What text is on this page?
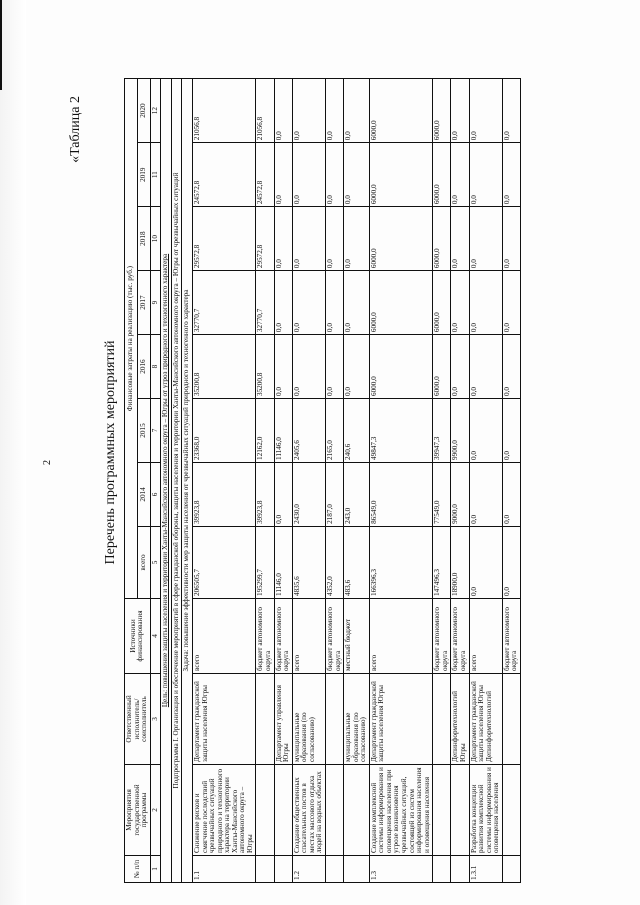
2
«Таблица 2
Перечень программных мероприятий
№ п/п	Мероприятия государственной программы	Ответственный исполнитель/соисполнитель	Источники финансирования	Финансовые затраты на реализацию (тыс. руб.)							
				всего	2014	2015	2016	2017	2018	2019	2020
1	2	3	4	5	6	7	8	9	10	11	12
Цель: повышение защиты населения и территории Ханты-Мансийского автономного округа – Югры от угроз природного и техногенного характера											
Подпрограмма I. Организация и обеспечение мероприятий в сфере гражданской обороны, защиты населения и территории Ханты-Мансийского автономного округа – Югры от чрезвычайных ситуаций											
Задача: повышение эффективности мер защиты населения от чрезвычайных ситуаций природного и техногенного характера											
1.1	Снижение рисков и смягчение последствий чрезвычайных ситуаций природного и техногенного характера на территории Ханты-Мансийского автономного округа – Югры	Департамент гражданской защиты населения Югры	всего	206505,7	39923,8	23368,0	35200,8	32770,7	29572,8	24572,8	21056,8
			бюджет автономного округа	195299,7	39923,8	12162,0	35200,8	32770,7	29572,8	24572,8	21056,8
		Департамент управления Югры	бюджет автономного округа	11146,0	0,0	11146,0	0,0	0,0	0,0	0,0	0,0
1.2	Создание общественных спасательных постов в местах массового отдыха людей на водных объектах	муниципальные образования (по согласованию)	всего	4835,6	2430,0	2405,6	0,0	0,0	0,0	0,0	0,0
			бюджет автономного округа	4352,0	2187,0	2165,0	0,0	0,0	0,0	0,0	0,0
		муниципальные образования (по согласованию)	местный бюджет	483,6	243,0	240,6	0,0	0,0	0,0	0,0	0,0
1.3	Создание комплексной системы информирования и оповещения населения при угрозе возникновения чрезвычайных ситуаций, состоящей из систем информирования населения и оповещения населения	Департамент гражданской защиты населения Югры	всего	166396,3	86549,0	49847,3	6000,0	6000,0	6000,0	6000,0	6000,0
			бюджет автономного округа	147496,3	77549,0	39947,3	6000,0	6000,0	6000,0	6000,0	6000,0
		Депинформтехнологий Югры	бюджет автономного округа	18900,0	9000,0	9900,0	0,0	0,0	0,0	0,0	0,0
1.3.1	Разработка концепции развития комплексной системы информирования и оповещения населения	Департамент гражданской защиты населения Югры Депинформтехнологий	всего	0,0	0,0	0,0	0,0	0,0	0,0	0,0	0,0
			бюджет автономного округа	0,0	0,0	0,0	0,0	0,0	0,0	0,0	0,0
